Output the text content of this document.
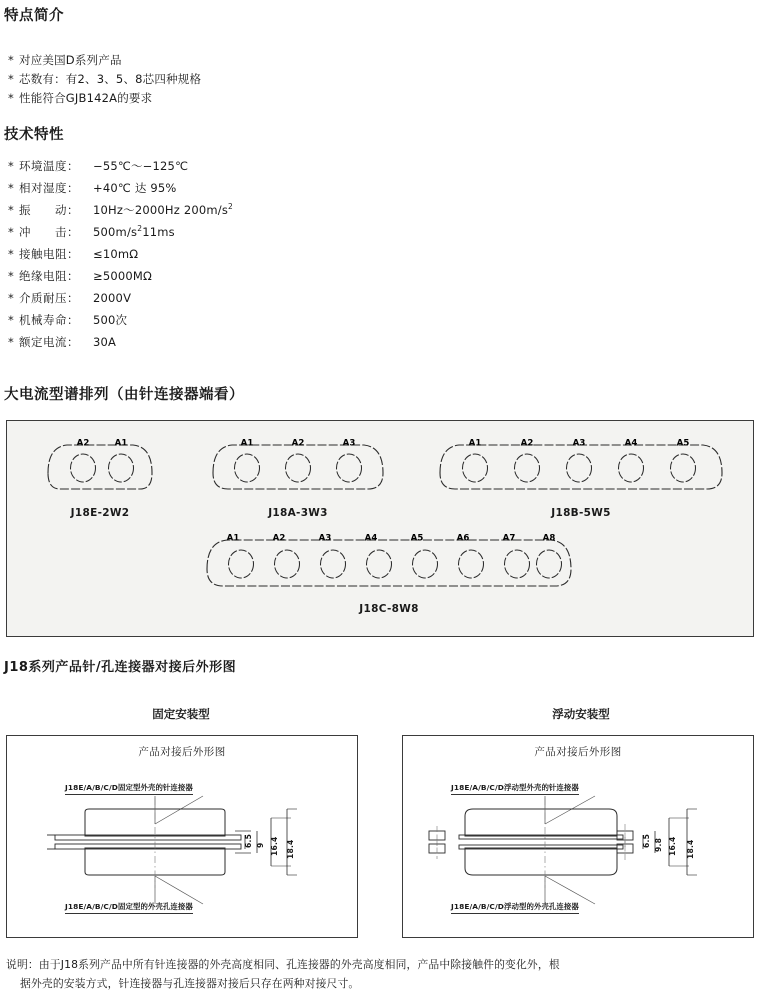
特点简介
* 对应美国D系列产品
* 芯数有：有2、3、5、8芯四种规格
* 性能符合GJB142A的要求
技术特性
* 环境温度： −55℃～−125℃
* 相对湿度： +40℃ 达 95%
* 振　　动： 10Hz～2000Hz $200m/s^2$
* 冲　　击： $500m/s^211ms$
* 接触电阻： ≤10mΩ
* 绝缘电阻： ≥5000MΩ
* 介质耐压： 2000V
* 机械寿命： 500次
* 额定电流： 30A
大电流型谱排列（由针连接器端看）
A2	A1
J18E-2W2
A1	A2	A3
J18A-3W3
A1	A2	A3	A4	A5
J18B-5W5
A1	A2	A3	A4	A5	A6	A7	A8
J18C-8W8
J18系列产品针/孔连接器对接后外形图
固定安装型	浮动安装型
产品对接后外形图
J18E/A/B/C/D固定型外壳的针连接器
J18E/A/B/C/D固定型的外壳孔连接器
6.5 9 16.4 18.4
产品对接后外形图
J18E/A/B/C/D浮动型外壳的针连接器
J18E/A/B/C/D浮动型的外壳孔连接器
6.5 9.8 16.4 18.4
说明：由于J18系列产品中所有针连接器的外壳高度相同、孔连接器的外壳高度相同，产品中除接触件的变化外，根
据外壳的安装方式，针连接器与孔连接器对接后只存在两种对接尺寸。
